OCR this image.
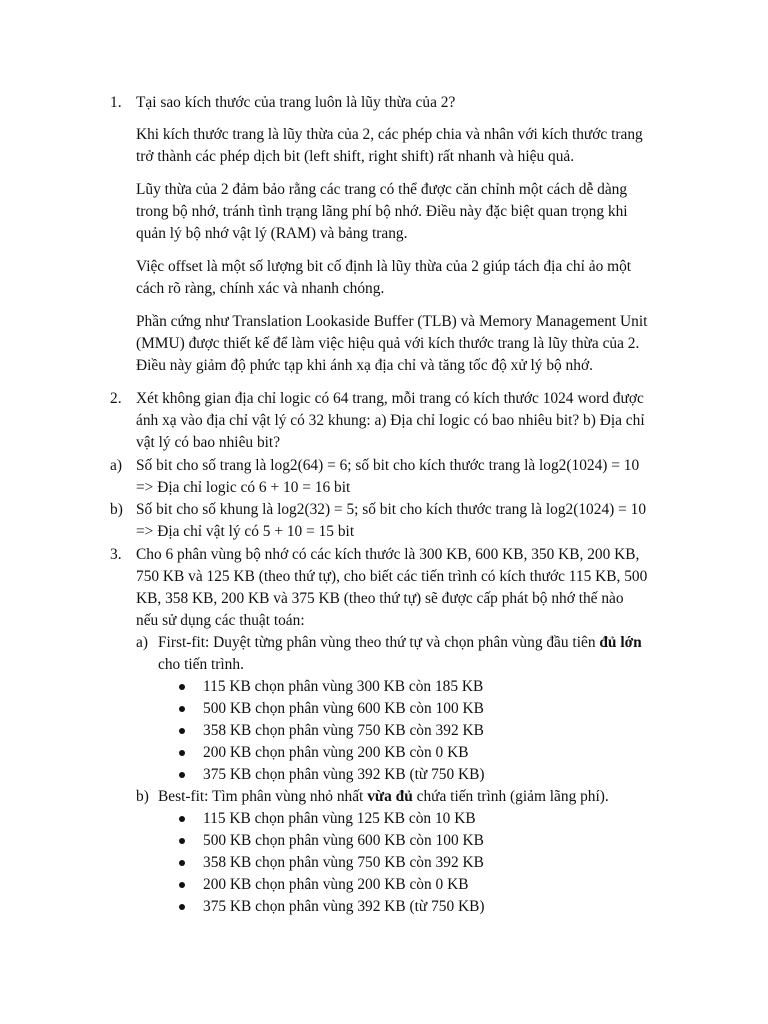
1. Tại sao kích thước của trang luôn là lũy thừa của 2?
Khi kích thước trang là lũy thừa của 2, các phép chia và nhân với kích thước trang
trở thành các phép dịch bit (left shift, right shift) rất nhanh và hiệu quả.
Lũy thừa của 2 đảm bảo rằng các trang có thể được căn chỉnh một cách dễ dàng
trong bộ nhớ, tránh tình trạng lãng phí bộ nhớ. Điều này đặc biệt quan trọng khi
quản lý bộ nhớ vật lý (RAM) và bảng trang.
Việc offset là một số lượng bit cố định là lũy thừa của 2 giúp tách địa chỉ ảo một
cách rõ ràng, chính xác và nhanh chóng.
Phần cứng như Translation Lookaside Buffer (TLB) và Memory Management Unit
(MMU) được thiết kế để làm việc hiệu quả với kích thước trang là lũy thừa của 2.
Điều này giảm độ phức tạp khi ánh xạ địa chỉ và tăng tốc độ xử lý bộ nhớ.
2. Xét không gian địa chỉ logic có 64 trang, mỗi trang có kích thước 1024 word được
ánh xạ vào địa chỉ vật lý có 32 khung: a) Địa chỉ logic có bao nhiêu bit? b) Địa chỉ
vật lý có bao nhiêu bit?
a) Số bit cho số trang là log2(64) = 6; số bit cho kích thước trang là log2(1024) = 10
=> Địa chỉ logic có 6 + 10 = 16 bit
b) Số bit cho số khung là log2(32) = 5; số bit cho kích thước trang là log2(1024) = 10
=> Địa chỉ vật lý có 5 + 10 = 15 bit
3. Cho 6 phân vùng bộ nhớ có các kích thước là 300 KB, 600 KB, 350 KB, 200 KB,
750 KB và 125 KB (theo thứ tự), cho biết các tiến trình có kích thước 115 KB, 500
KB, 358 KB, 200 KB và 375 KB (theo thứ tự) sẽ được cấp phát bộ nhớ thế nào
nếu sử dụng các thuật toán:
a) First-fit: Duyệt từng phân vùng theo thứ tự và chọn phân vùng đầu tiên đủ lớn
cho tiến trình.
115 KB chọn phân vùng 300 KB còn 185 KB
500 KB chọn phân vùng 600 KB còn 100 KB
358 KB chọn phân vùng 750 KB còn 392 KB
200 KB chọn phân vùng 200 KB còn 0 KB
375 KB chọn phân vùng 392 KB (từ 750 KB)
b) Best-fit: Tìm phân vùng nhỏ nhất vừa đủ chứa tiến trình (giảm lãng phí).
115 KB chọn phân vùng 125 KB còn 10 KB
500 KB chọn phân vùng 600 KB còn 100 KB
358 KB chọn phân vùng 750 KB còn 392 KB
200 KB chọn phân vùng 200 KB còn 0 KB
375 KB chọn phân vùng 392 KB (từ 750 KB)
